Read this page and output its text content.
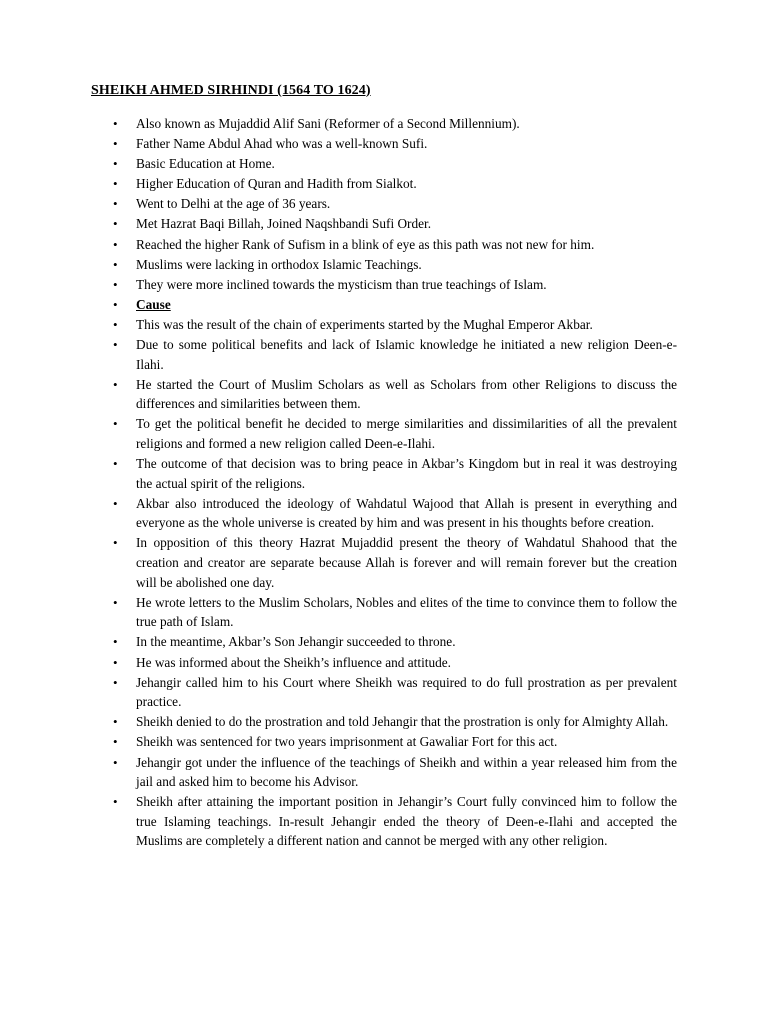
SHEIKH AHMED SIRHINDI (1564 TO 1624)
•	Also known as Mujaddid Alif Sani (Reformer of a Second Millennium).
•	Father Name Abdul Ahad who was a well-known Sufi.
•	Basic Education at Home.
•	Higher Education of Quran and Hadith from Sialkot.
•	Went to Delhi at the age of 36 years.
•	Met Hazrat Baqi Billah, Joined Naqshbandi Sufi Order.
•	Reached the higher Rank of Sufism in a blink of eye as this path was not new for him.
•	Muslims were lacking in orthodox Islamic Teachings.
•	They were more inclined towards the mysticism than true teachings of Islam.
•	Cause
•	This was the result of the chain of experiments started by the Mughal Emperor Akbar.
•	Due to some political benefits and lack of Islamic knowledge he initiated a new religion Deen-e-Ilahi.
•	He started the Court of Muslim Scholars as well as Scholars from other Religions to discuss the differences and similarities between them.
•	To get the political benefit he decided to merge similarities and dissimilarities of all the prevalent religions and formed a new religion called Deen-e-Ilahi.
•	The outcome of that decision was to bring peace in Akbar’s Kingdom but in real it was destroying the actual spirit of the religions.
•	Akbar also introduced the ideology of Wahdatul Wajood that Allah is present in everything and everyone as the whole universe is created by him and was present in his thoughts before creation.
•	In opposition of this theory Hazrat Mujaddid present the theory of Wahdatul Shahood that the creation and creator are separate because Allah is forever and will remain forever but the creation will be abolished one day.
•	He wrote letters to the Muslim Scholars, Nobles and elites of the time to convince them to follow the true path of Islam.
•	In the meantime, Akbar’s Son Jehangir succeeded to throne.
•	He was informed about the Sheikh’s influence and attitude.
•	Jehangir called him to his Court where Sheikh was required to do full prostration as per prevalent practice.
•	Sheikh denied to do the prostration and told Jehangir that the prostration is only for Almighty Allah.
•	Sheikh was sentenced for two years imprisonment at Gawaliar Fort for this act.
•	Jehangir got under the influence of the teachings of Sheikh and within a year released him from the jail and asked him to become his Advisor.
•	Sheikh after attaining the important position in Jehangir’s Court fully convinced him to follow the true Islaming teachings. In-result Jehangir ended the theory of Deen-e-Ilahi and accepted the Muslims are completely a different nation and cannot be merged with any other religion.
